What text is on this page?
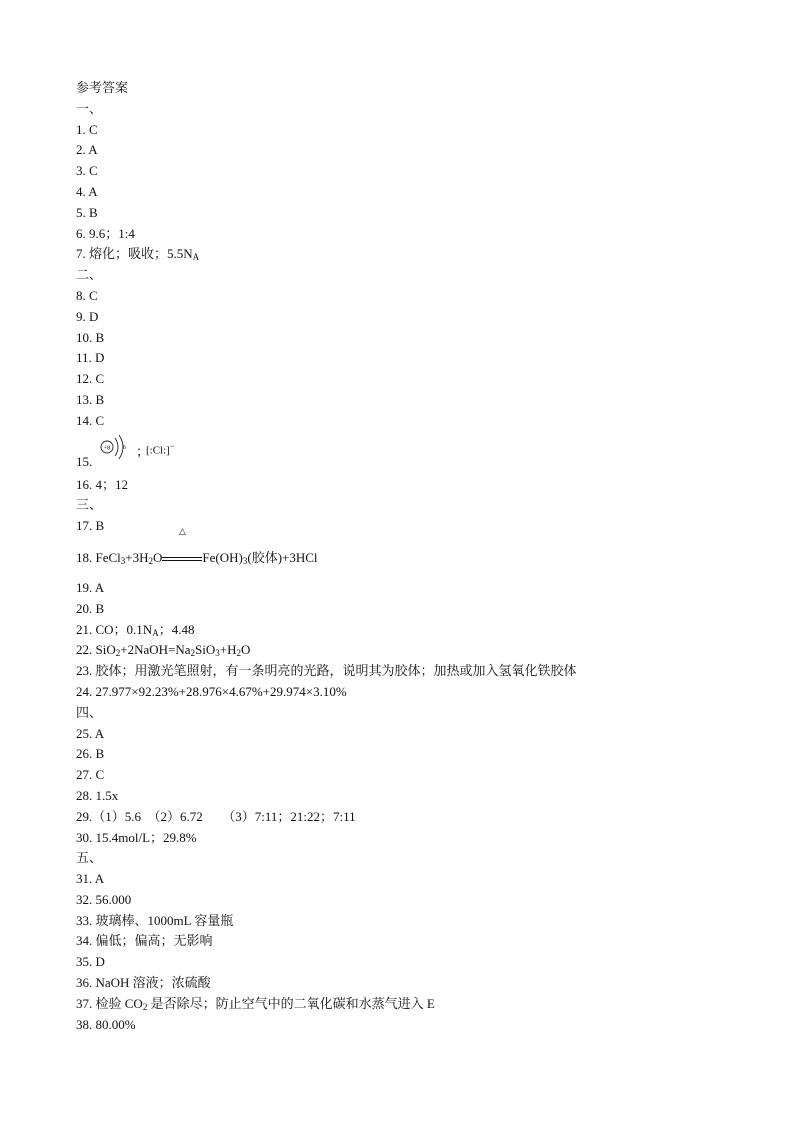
参考答案
一、
1. C
2. A
3. C
4. A
5. B
6. 9.6；1:4
7. 熔化；吸收；$5.5N_A$
二、
8. C
9. D
10. B
11. D
12. C
13. B
14. C
15.
+8 6 ；
[:Cl:]−
16. 4；12
三、
17. B
18. $FeCl_3+3H_2O$
△
$Fe(OH)_3$(胶体)+3HCl
19. A
20. B
21. CO；$0.1N_A$；4.48
22. $SiO_2+2NaOH=Na_2SiO_3+H_2O$
23. 胶体；用激光笔照射，有一条明亮的光路，说明其为胶体；加热或加入氢氧化铁胶体
24. 27.977×92.23%+28.976×4.67%+29.974×3.10%
四、
25. A
26. B
27. C
28. 1.5x
29.（1）5.6　（2）6.72　　（3）7:11；21:22；7:11
30. 15.4mol/L；29.8%
五、
31. A
32. 56.000
33. 玻璃棒、1000mL 容量瓶
34. 偏低；偏高；无影响
35. D
36. NaOH 溶液；浓硫酸
37. 检验 $CO_2$ 是否除尽；防止空气中的二氧化碳和水蒸气进入 E
38. 80.00%
